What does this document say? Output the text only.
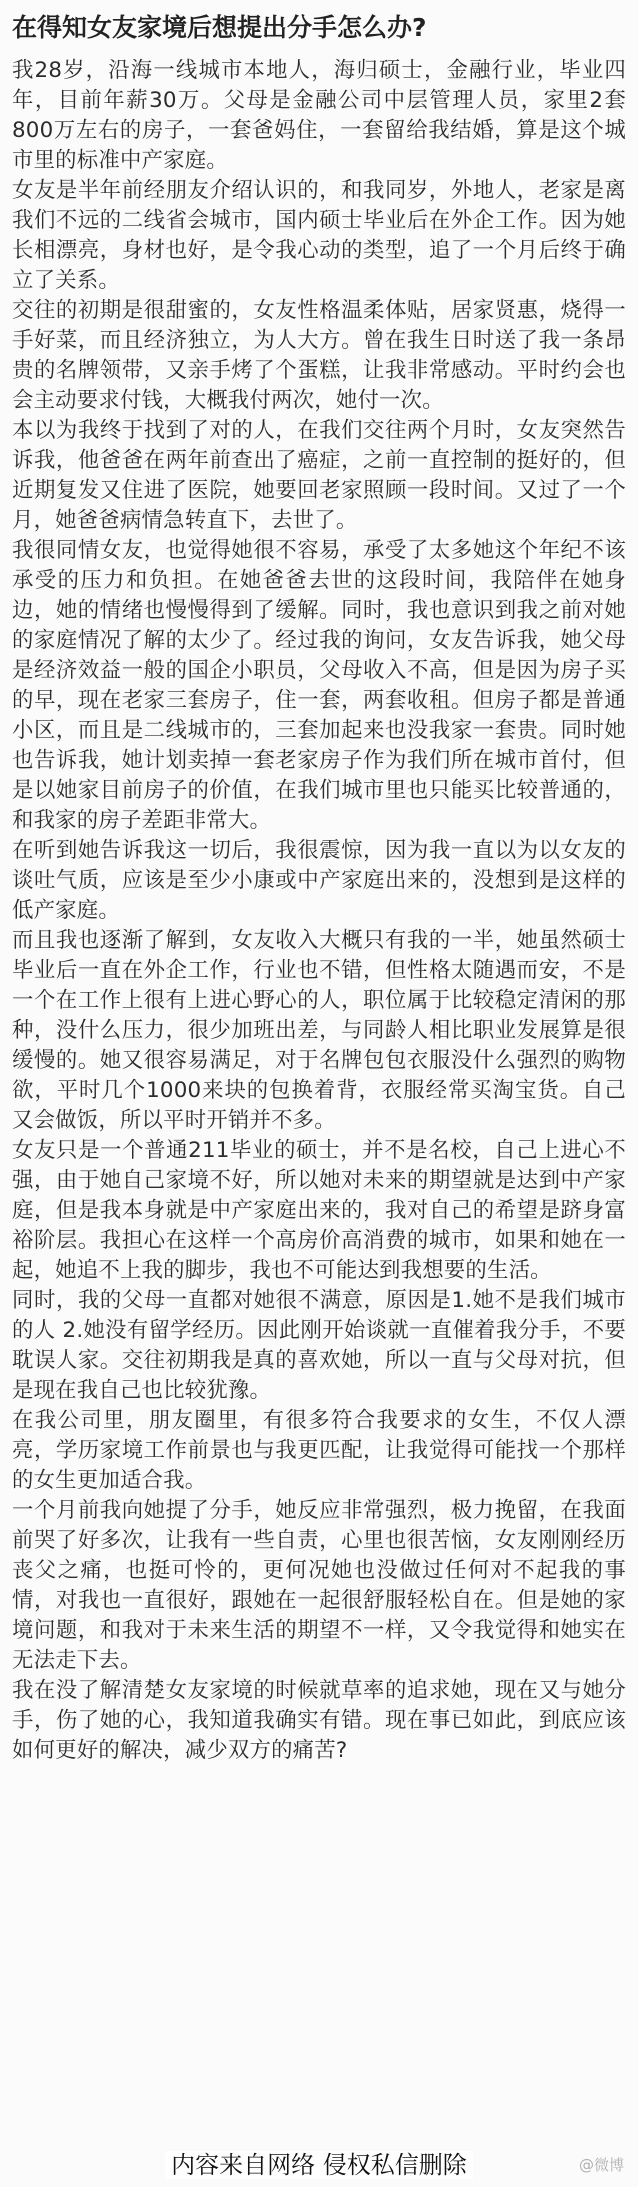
在得知女友家境后想提出分手怎么办?

我28岁，沿海一线城市本地人，海归硕士，金融行业，毕业四年，目前年薪30万。父母是金融公司中层管理人员，家里2套800万左右的房子，一套爸妈住，一套留给我结婚，算是这个城市里的标准中产家庭。

女友是半年前经朋友介绍认识的，和我同岁，外地人，老家是离我们不远的二线省会城市，国内硕士毕业后在外企工作。因为她长相漂亮，身材也好，是令我心动的类型，追了一个月后终于确立了关系。

交往的初期是很甜蜜的，女友性格温柔体贴，居家贤惠，烧得一手好菜，而且经济独立，为人大方。曾在我生日时送了我一条昂贵的名牌领带，又亲手烤了个蛋糕，让我非常感动。平时约会也会主动要求付钱，大概我付两次，她付一次。

本以为我终于找到了对的人，在我们交往两个月时，女友突然告诉我，他爸爸在两年前查出了癌症，之前一直控制的挺好的，但近期复发又住进了医院，她要回老家照顾一段时间。又过了一个月，她爸爸病情急转直下，去世了。

我很同情女友，也觉得她很不容易，承受了太多她这个年纪不该承受的压力和负担。在她爸爸去世的这段时间，我陪伴在她身边，她的情绪也慢慢得到了缓解。同时，我也意识到我之前对她的家庭情况了解的太少了。经过我的询问，女友告诉我，她父母是经济效益一般的国企小职员，父母收入不高，但是因为房子买的早，现在老家三套房子，住一套，两套收租。但房子都是普通小区，而且是二线城市的，三套加起来也没我家一套贵。同时她也告诉我，她计划卖掉一套老家房子作为我们所在城市首付，但是以她家目前房子的价值，在我们城市里也只能买比较普通的，和我家的房子差距非常大。

在听到她告诉我这一切后，我很震惊，因为我一直以为以女友的谈吐气质，应该是至少小康或中产家庭出来的，没想到是这样的低产家庭。

而且我也逐渐了解到，女友收入大概只有我的一半，她虽然硕士毕业后一直在外企工作，行业也不错，但性格太随遇而安，不是一个在工作上很有上进心野心的人，职位属于比较稳定清闲的那种，没什么压力，很少加班出差，与同龄人相比职业发展算是很缓慢的。她又很容易满足，对于名牌包包衣服没什么强烈的购物欲，平时几个1000来块的包换着背，衣服经常买淘宝货。自己又会做饭，所以平时开销并不多。

女友只是一个普通211毕业的硕士，并不是名校，自己上进心不强，由于她自己家境不好，所以她对未来的期望就是达到中产家庭，但是我本身就是中产家庭出来的，我对自己的希望是跻身富裕阶层。我担心在这样一个高房价高消费的城市，如果和她在一起，她追不上我的脚步，我也不可能达到我想要的生活。

同时，我的父母一直都对她很不满意，原因是1.她不是我们城市的人 2.她没有留学经历。因此刚开始谈就一直催着我分手，不要耽误人家。交往初期我是真的喜欢她，所以一直与父母对抗，但是现在我自己也比较犹豫。

在我公司里，朋友圈里，有很多符合我要求的女生，不仅人漂亮，学历家境工作前景也与我更匹配，让我觉得可能找一个那样的女生更加适合我。

一个月前我向她提了分手，她反应非常强烈，极力挽留，在我面前哭了好多次，让我有一些自责，心里也很苦恼，女友刚刚经历丧父之痛，也挺可怜的，更何况她也没做过任何对不起我的事情，对我也一直很好，跟她在一起很舒服轻松自在。但是她的家境问题，和我对于未来生活的期望不一样，又令我觉得和她实在无法走下去。

我在没了解清楚女友家境的时候就草率的追求她，现在又与她分手，伤了她的心，我知道我确实有错。现在事已如此，到底应该如何更好的解决，减少双方的痛苦?

内容来自网络 侵权私信删除	@微博
